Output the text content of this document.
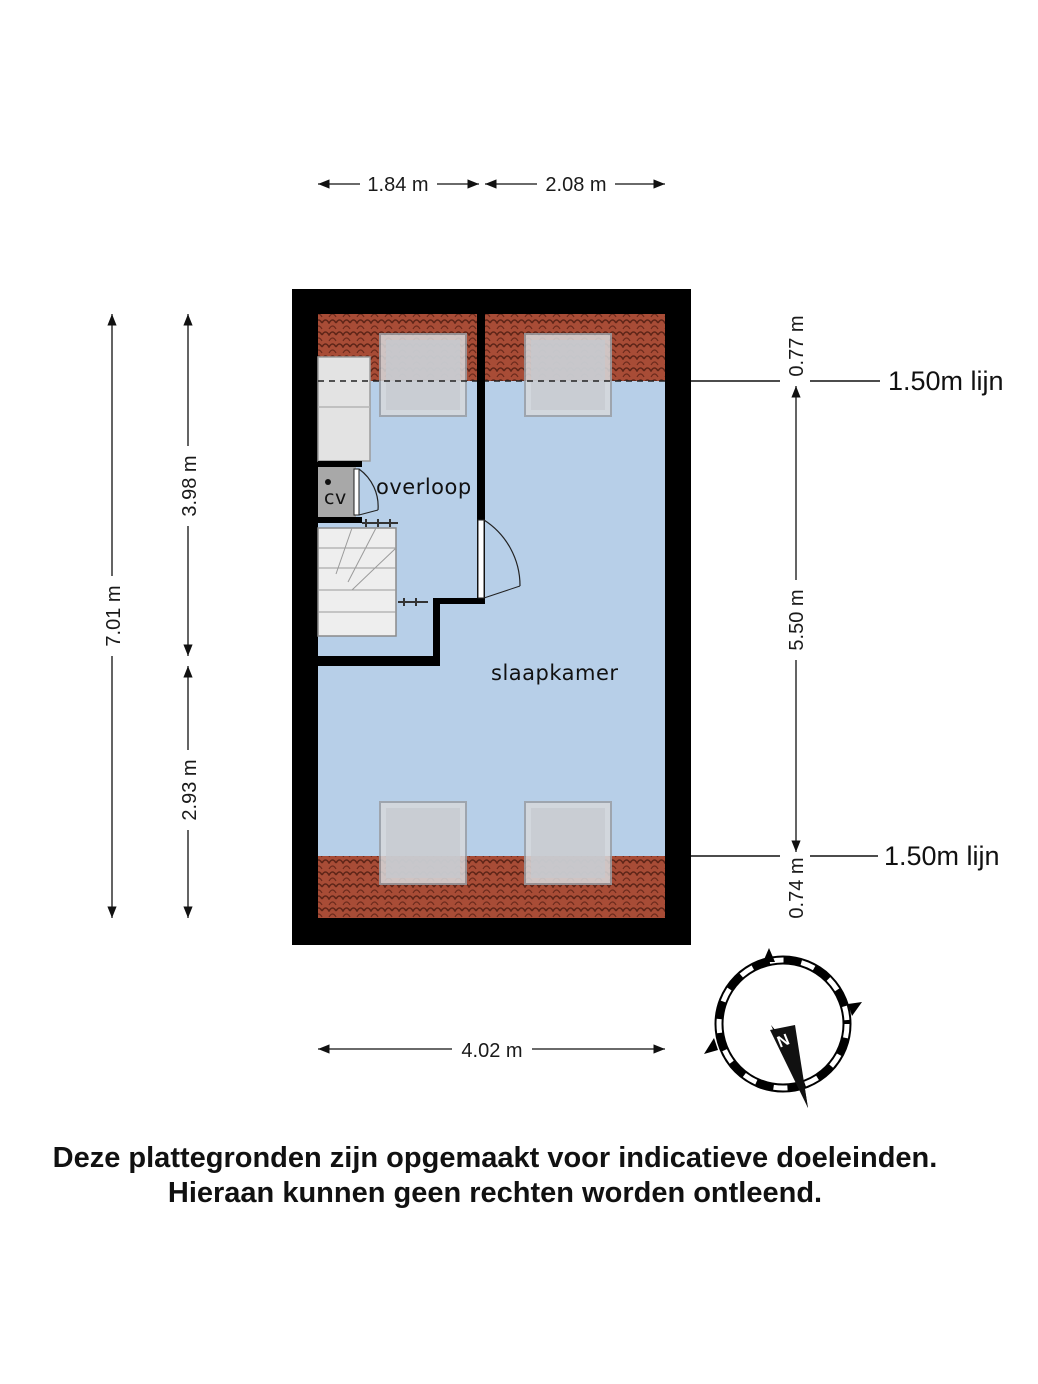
cv overloop
slaapkamer
1.84 m	2.08 m
4.02 m
7.01 m
3.98 m
2.93 m
0.77 m
5.50 m
0.74 m
1.50m lijn
1.50m lijn
N
Deze plattegronden zijn opgemaakt voor indicatieve doeleinden.
Hieraan kunnen geen rechten worden ontleend.
